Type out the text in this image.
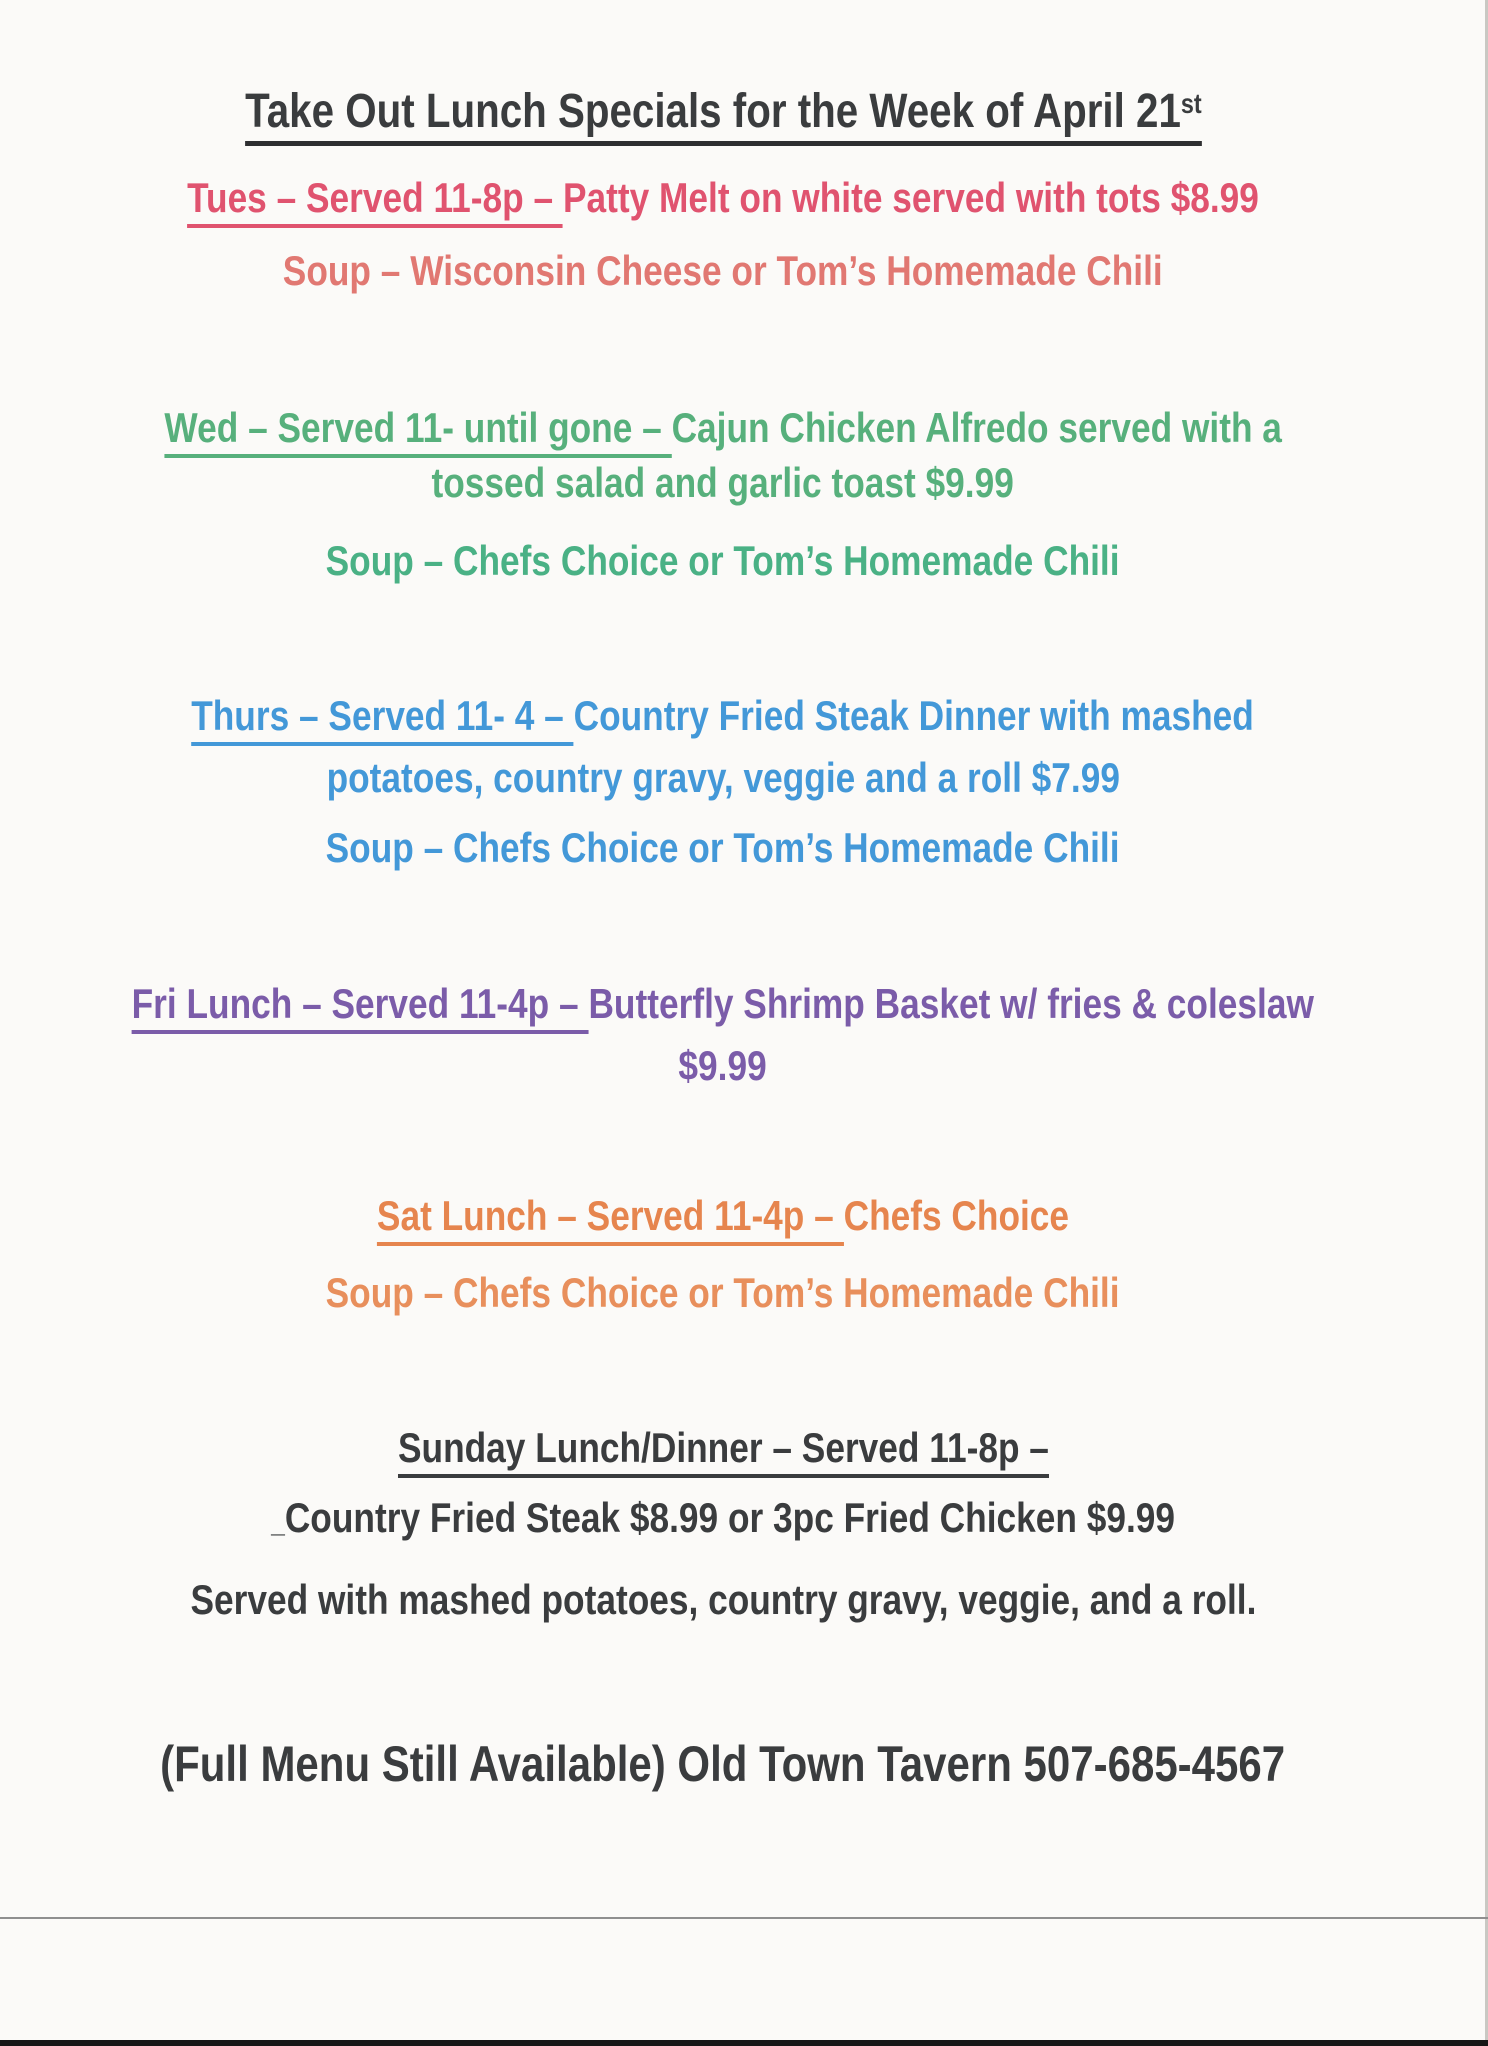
Take Out Lunch Specials for the Week of April 21st
Tues – Served 11-8p – Patty Melt on white served with tots $8.99
Soup – Wisconsin Cheese or Tom’s Homemade Chili
Wed – Served 11- until gone – Cajun Chicken Alfredo served with a
tossed salad and garlic toast $9.99
Soup – Chefs Choice or Tom’s Homemade Chili
Thurs – Served 11- 4 – Country Fried Steak Dinner with mashed
potatoes, country gravy, veggie and a roll $7.99
Soup – Chefs Choice or Tom’s Homemade Chili
Fri Lunch – Served 11-4p – Butterfly Shrimp Basket w/ fries & coleslaw
$9.99
Sat Lunch – Served 11-4p – Chefs Choice
Soup – Chefs Choice or Tom’s Homemade Chili
Sunday Lunch/Dinner – Served 11-8p –
_Country Fried Steak $8.99 or 3pc Fried Chicken $9.99
Served with mashed potatoes, country gravy, veggie, and a roll.
(Full Menu Still Available) Old Town Tavern 507-685-4567
